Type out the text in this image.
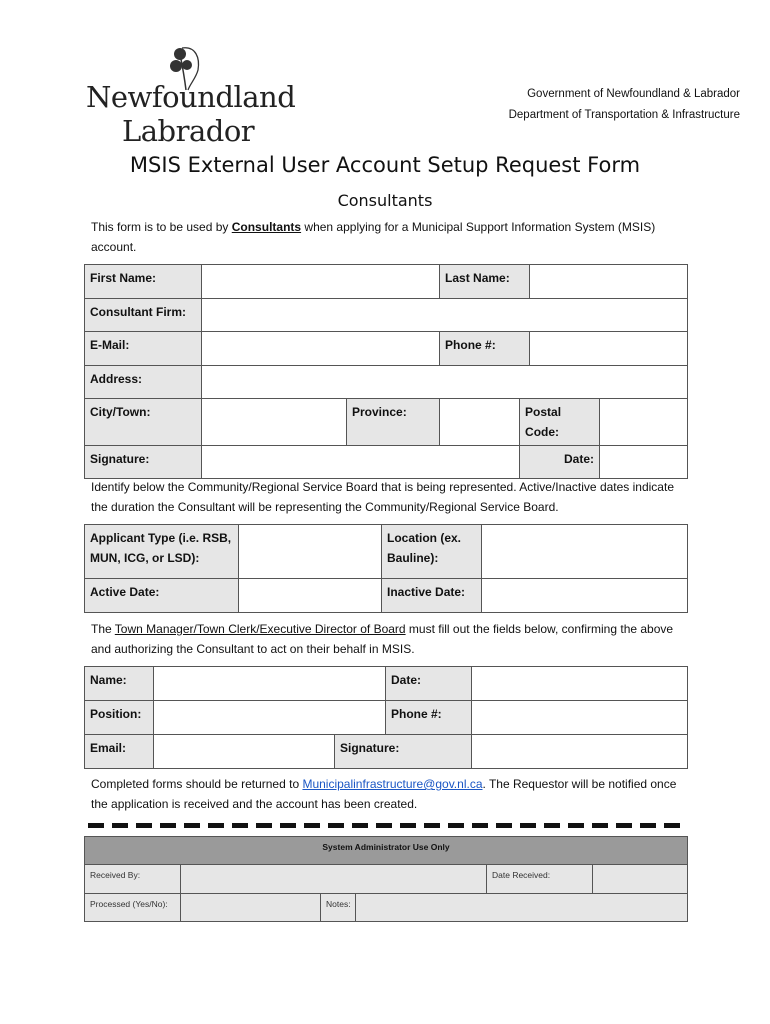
Newfoundland
Labrador
Government of Newfoundland & Labrador
Department of Transportation & Infrastructure
MSIS External User Account Setup Request Form
Consultants
This form is to be used by Consultants when applying for a Municipal Support Information System (MSIS) account.
First Name:			Last Name:			
Consultant Firm:						
E-Mail:			Phone #:			
Address:						
City/Town:		Province:		Postal Code:		
Signature:				Date:		
Identify below the Community/Regional Service Board that is being represented. Active/Inactive dates indicate the duration the Consultant will be representing the Community/Regional Service Board.
Applicant Type (i.e. RSB, MUN, ICG, or LSD):		Location (ex. Bauline):	
Active Date:		Inactive Date:	
The Town Manager/Town Clerk/Executive Director of Board must fill out the fields below, confirming the above and authorizing the Consultant to act on their behalf in MSIS.
Name:			Date:	
Position:			Phone #:	
Email:		Signature:		
Completed forms should be returned to Municipalinfrastructure@gov.nl.ca. The Requestor will be notified once the application is received and the account has been created.
System Administrator Use Only				
Received By:				Date Received:

Processed (Yes/No):		Notes:		
